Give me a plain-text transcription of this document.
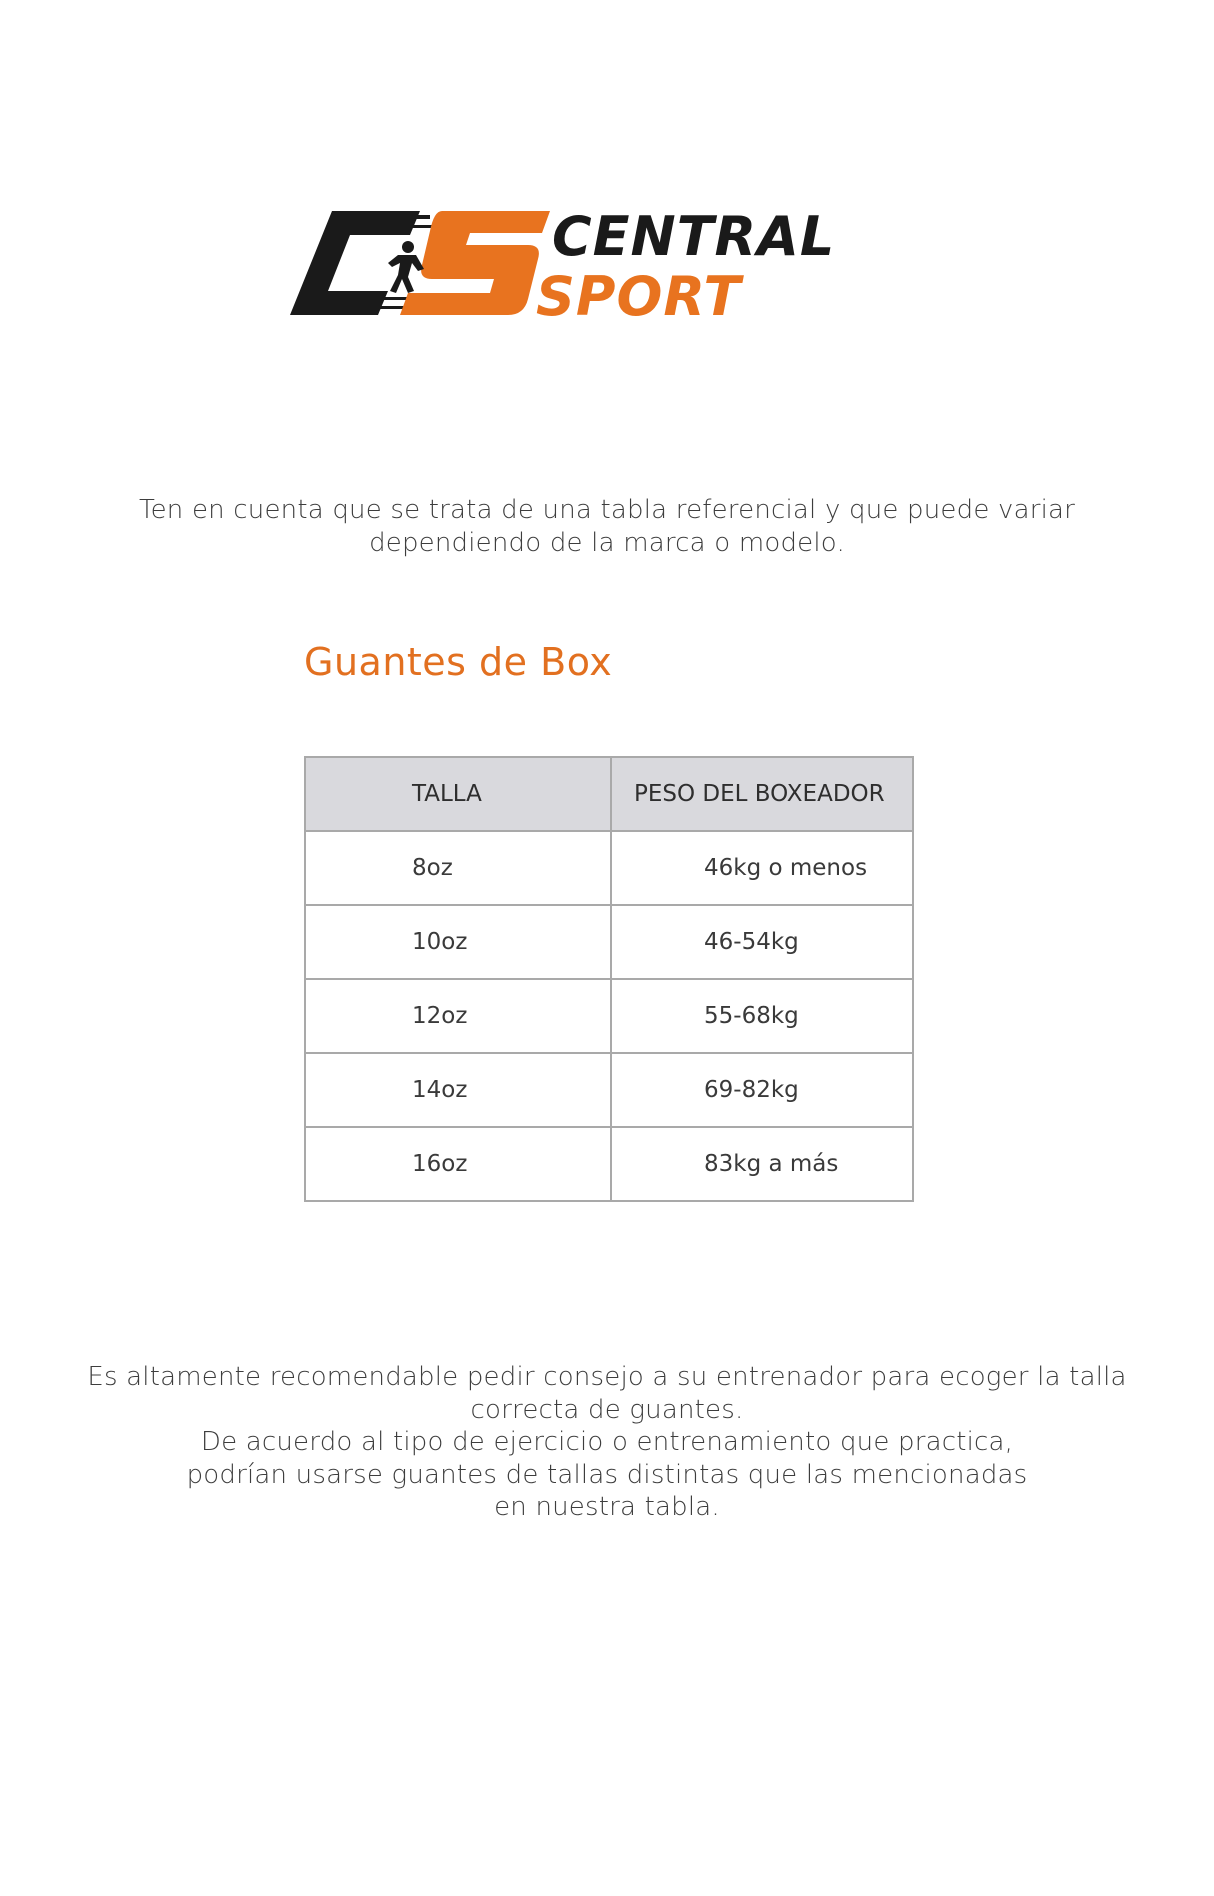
CENTRAL
SPORT
Ten en cuenta que se trata de una tabla referencial y que puede variar
dependiendo de la marca o modelo.
Guantes de Box
TALLA	PESO DEL BOXEADOR
8oz	46kg o menos
10oz	46-54kg
12oz	55-68kg
14oz	69-82kg
16oz	83kg a más
Es altamente recomendable pedir consejo a su entrenador para ecoger la talla
correcta de guantes.
De acuerdo al tipo de ejercicio o entrenamiento que practica,
podrían usarse guantes de tallas distintas que las mencionadas
en nuestra tabla.
